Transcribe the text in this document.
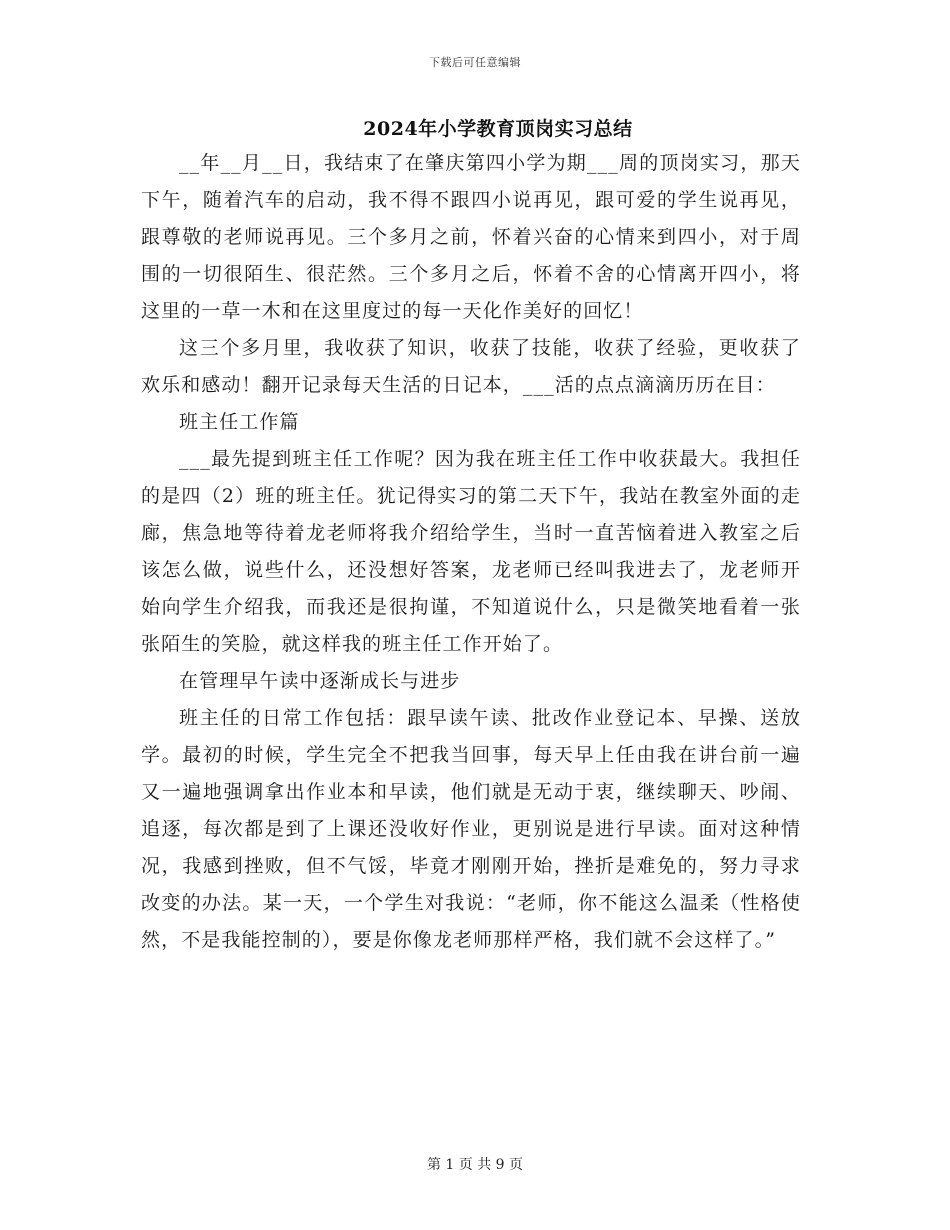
下载后可任意编辑
2024年小学教育顶岗实习总结

__年__月__日，我结束了在肇庆第四小学为期___周的顶岗实习，那天下午，随着汽车的启动，我不得不跟四小说再见，跟可爱的学生说再见，跟尊敬的老师说再见。三个多月之前，怀着兴奋的心情来到四小，对于周围的一切很陌生、很茫然。三个多月之后，怀着不舍的心情离开四小，将这里的一草一木和在这里度过的每一天化作美好的回忆！

这三个多月里，我收获了知识，收获了技能，收获了经验，更收获了欢乐和感动！翻开记录每天生活的日记本，___活的点点滴滴历历在目：

班主任工作篇

___最先提到班主任工作呢？因为我在班主任工作中收获最大。我担任的是四（2）班的班主任。犹记得实习的第二天下午，我站在教室外面的走廊，焦急地等待着龙老师将我介绍给学生，当时一直苦恼着进入教室之后该怎么做，说些什么，还没想好答案，龙老师已经叫我进去了，龙老师开始向学生介绍我，而我还是很拘谨，不知道说什么，只是微笑地看着一张张陌生的笑脸，就这样我的班主任工作开始了。

在管理早午读中逐渐成长与进步

班主任的日常工作包括：跟早读午读、批改作业登记本、早操、送放学。最初的时候，学生完全不把我当回事，每天早上任由我在讲台前一遍又一遍地强调拿出作业本和早读，他们就是无动于衷，继续聊天、吵闹、追逐，每次都是到了上课还没收好作业，更别说是进行早读。面对这种情况，我感到挫败，但不气馁，毕竟才刚刚开始，挫折是难免的，努力寻求改变的办法。某一天，一个学生对我说：“老师，你不能这么温柔（性格使然，不是我能控制的），要是你像龙老师那样严格，我们就不会这样了。”

第 1 页 共 9 页
